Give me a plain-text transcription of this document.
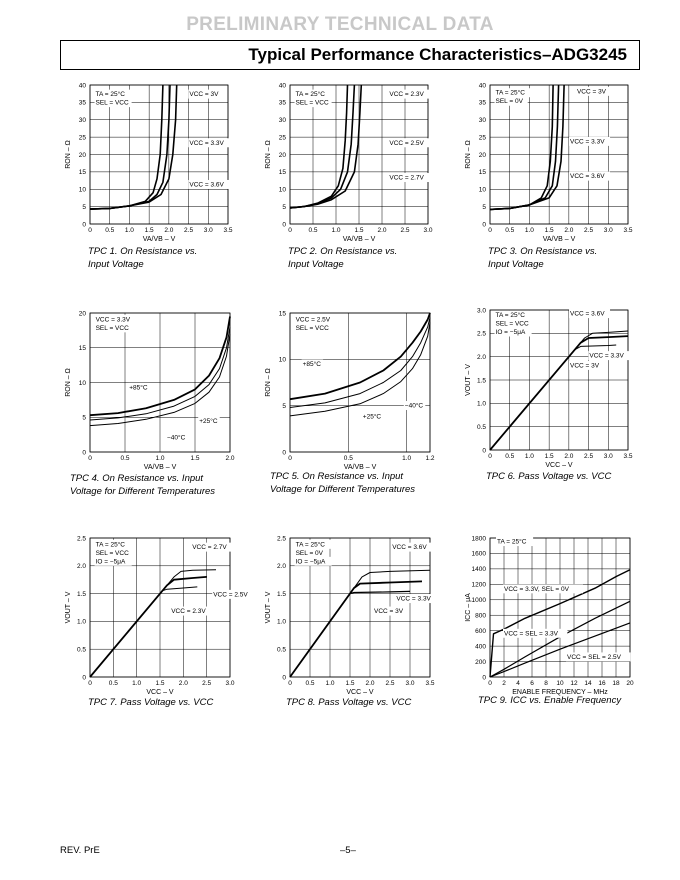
PRELIMINARY TECHNICAL DATA
Typical Performance Characteristics–ADG3245
0 0.5 1.0 1.5 2.0 2.5 3.0 3.5
0
5
10
15
20
25
30
35
40
VA/VB – V
RON – Ω
VCC = 3V
VCC = 3.3V
VCC = 3.6V
TA = 25°C
SEL = VCC
0	0.5 1.0 1.5 2.0 2.5 3.0
0
5
10
15
20
25
30
35
40
VA/VB – V
RON – Ω
VCC = 2.3V
VCC = 2.5V
VCC = 2.7V
TA = 25°C
SEL = VCC
0 0.5 1.0 1.5 2.0 2.5 3.0 3.5
0
5
10
15
20
25
30
35
40
VA/VB – V
RON – Ω
VCC = 3V
VCC = 3.3V
VCC = 3.6V
TA = 25°C
SEL = 0V
0	0.5	1.0	1.5	2.0
0
5
10
15
20
VA/VB – V
RON – Ω	+85°C
+25°C
−40°C
VCC = 3.3V
SEL = VCC
0	0.5	1.0 1.2
0
5
10
15
VA/VB – V
RON – Ω
+85°C
+25°C
−40°C
VCC = 2.5V
SEL = VCC
0 0.5 1.0 1.5 2.0 2.5 3.0 3.5
0
0.5
1.0
1.5
2.0
2.5
3.0
VCC – V
VOUT – V
VCC = 3.6V
VCC = 3.3V
VCC = 3V
TA = 25°C
SEL = VCC
IO = −5μA
0	0.5 1.0 1.5 2.0 2.5 3.0
0
0.5
1.0
1.5
2.0
2.5
VCC – V
VOUT – V
VCC = 2.7V
VCC = 2.5V
VCC = 2.3V
TA = 25°C
SEL = VCC
IO = −5μA
0 0.5 1.0 1.5 2.0 2.5 3.0 3.5
0
0.5
1.0
1.5
2.0
2.5
VCC – V
VOUT – V
VCC = 3.6V
VCC = 3.3V
VCC = 3V
TA = 25°C
SEL = 0V
IO = −5μA
0 2 4 6 8 10 12 14 16 18 20
0
200
400
600
800
1000
1200
1400
1600
1800
ENABLE FREQUENCY – MHz
ICC – μA
VCC = 3.3V, SEL = 0V
VCC = SEL = 3.3V
VCC = SEL = 2.5V
TA = 25°C
TPC 1. On Resistance vs.
Input Voltage
TPC 2. On Resistance vs.
Input Voltage
TPC 3. On Resistance vs.
Input Voltage
TPC 4. On Resistance vs. Input
Voltage for Different Temperatures
TPC 5. On Resistance vs. Input
Voltage for Different Temperatures
TPC 6. Pass Voltage vs. VCC
TPC 7. Pass Voltage vs. VCC	TPC 8. Pass Voltage vs. VCC	TPC 9. ICC vs. Enable Frequency
REV. PrE	–5–
